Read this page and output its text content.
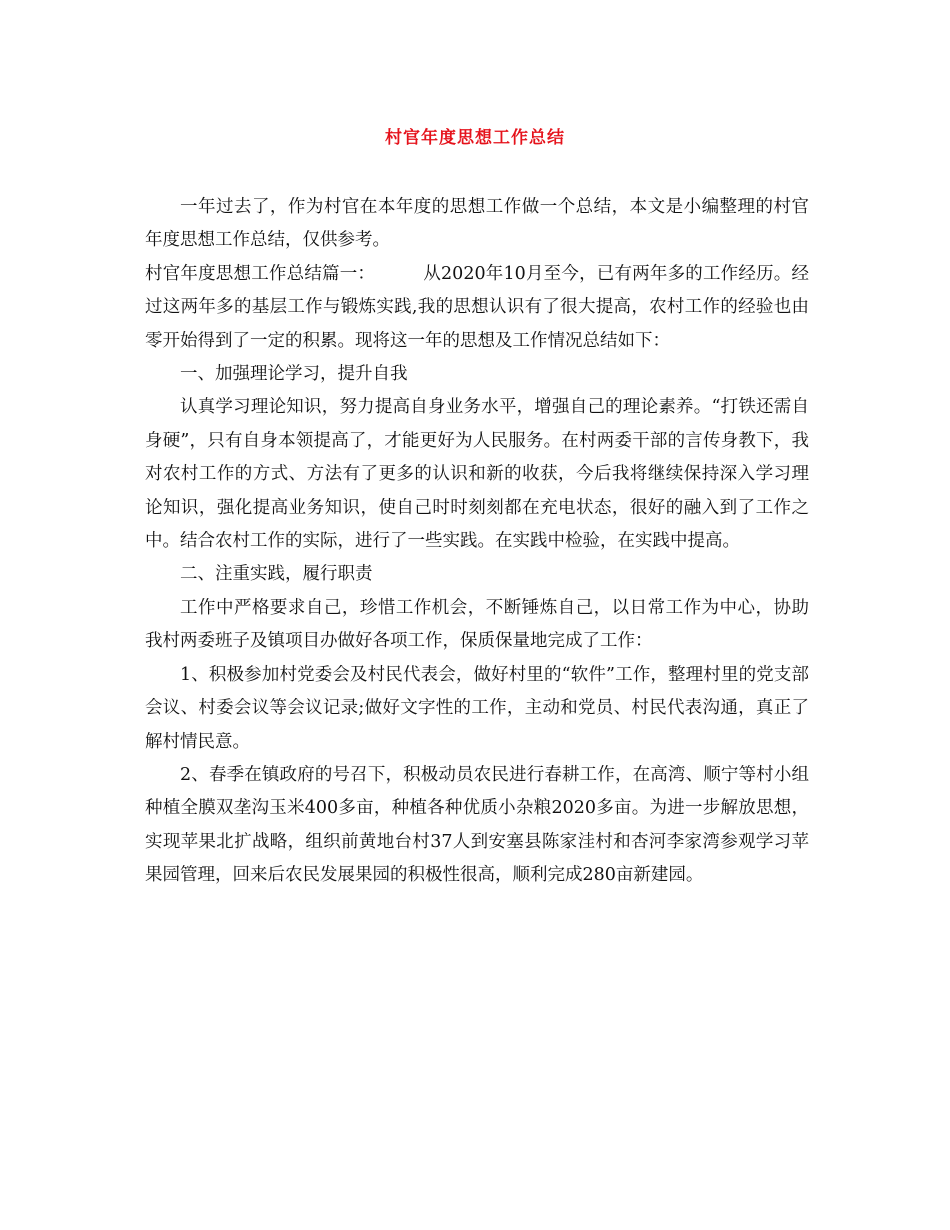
村官年度思想工作总结

一年过去了，作为村官在本年度的思想工作做一个总结，本文是小编整理的村官年度思想工作总结，仅供参考。

村官年度思想工作总结篇一：	从2020年10月至今，已有两年多的工作经历。经过这两年多的基层工作与锻炼实践,我的思想认识有了很大提高，农村工作的经验也由零开始得到了一定的积累。现将这一年的思想及工作情况总结如下：

一、加强理论学习，提升自我

认真学习理论知识，努力提高自身业务水平，增强自己的理论素养。“打铁还需自身硬”，只有自身本领提高了，才能更好为人民服务。在村两委干部的言传身教下，我对农村工作的方式、方法有了更多的认识和新的收获，今后我将继续保持深入学习理论知识，强化提高业务知识，使自己时时刻刻都在充电状态，很好的融入到了工作之中。结合农村工作的实际，进行了一些实践。在实践中检验，在实践中提高。

二、注重实践，履行职责

工作中严格要求自己，珍惜工作机会，不断锤炼自己，以日常工作为中心，协助我村两委班子及镇项目办做好各项工作，保质保量地完成了工作：

1、积极参加村党委会及村民代表会，做好村里的“软件”工作，整理村里的党支部会议、村委会议等会议记录;做好文字性的工作，主动和党员、村民代表沟通，真正了解村情民意。

2、春季在镇政府的号召下，积极动员农民进行春耕工作，在高湾、顺宁等村小组种植全膜双垄沟玉米400多亩，种植各种优质小杂粮2020多亩。为进一步解放思想，实现苹果北扩战略，组织前黄地台村37人到安塞县陈家洼村和杏河李家湾参观学习苹果园管理，回来后农民发展果园的积极性很高，顺利完成280亩新建园。
